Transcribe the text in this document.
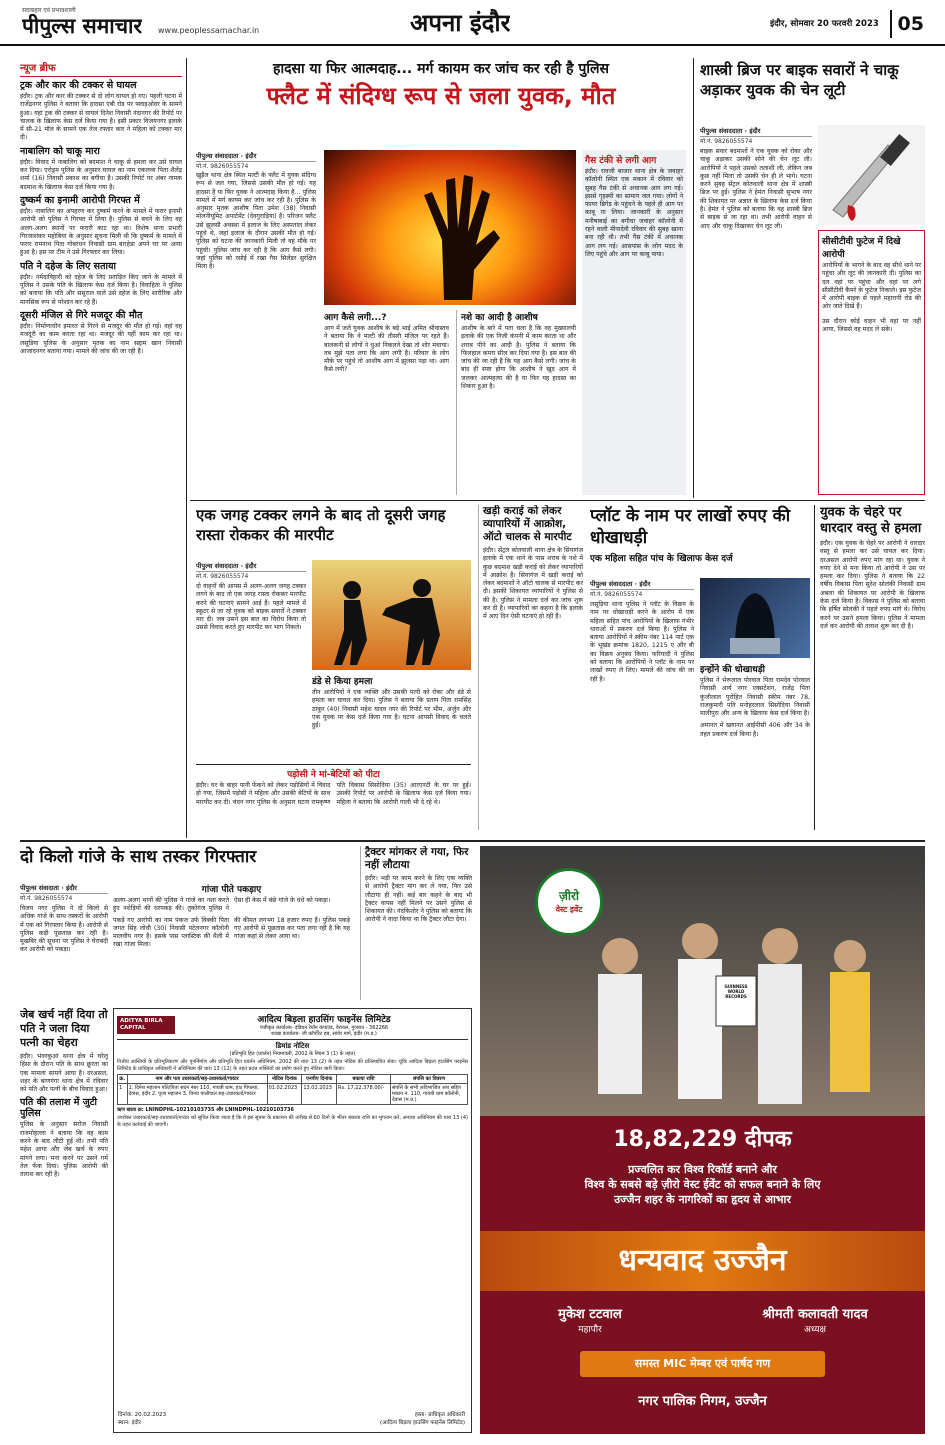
सदाबहार एवं प्रभावशाली
पीपुल्स समाचार www.peoplessamachar.in	अपना इंदौर	इंदौर, सोमवार 20 फरवरी 2023 05
न्यूज ब्रीफ
ट्रक और कार की टक्कर से घायल
इंदौर। ट्रक और कार की टक्कर से दो लोग घायल हो गए। पहली घटना में राजेंद्रनगर पुलिस ने बताया कि हादसा एबी रोड पर फ्लाइओवर के सामने हुआ। यहां ट्रक की टक्कर से घायल दिनेश निवासी नंदानगर की रिपोर्ट पर चालक के खिलाफ केस दर्ज किया गया है। इसी प्रकार विजयनगर इलाके में सी-21 मॉल के सामने एक तेज रफ्तार कार ने महिला को टक्कर मार दी।
नाबालिग को चाकू मारा
इंदौर। विवाद में नाबालिग को बदमाश ने चाकू से हमला कर उसे घायल कर दिया। एरोड्रम पुलिस के अनुसार घायल का नाम एकलव्य पिता शैलेंद्र शर्मा (16) निवासी प्रकाश का बगीचा है। उसकी रिपोर्ट पर अंबर नामक बदमाश के खिलाफ केस दर्ज किया गया है।
दुष्कर्म का इनामी आरोपी गिरफ्त में
इंदौर। नाबालिग का अपहरण कर दुष्कर्म करने के मामले में फरार इनामी आरोपी को पुलिस ने गिरफ्त में लिया है। पुलिस से बचने के लिए वह अलग-अलग स्थानों पर फरारी काट रहा था। विशेष थाना प्रभारी गिरजाशंकर महोबिया के अनुसार सूचना मिली थी कि दुष्कर्म के मामले में फरार रामनाथ पिता गोबरधन निवासी ग्राम बारहेडा अपने घर पर आया हुआ है। इस पर टीम ने उसे गिरफ्तार कर लिया।
पति ने दहेज के लिए सताया
इंदौर। नर्मदाविहारी को दहेज के लिए प्रताड़ित किए जाने के मामले में पुलिस ने उसके पति के खिलाफ केस दर्ज किया है। विवाहिता ने पुलिस को बताया कि पति और ससुराल वाले उसे दहेज के लिए शारीरिक और मानसिक रूप से परेशान कर रहे हैं।
दूसरी मंजिल से गिरे मजदूर की मौत
इंदौर। निर्माणाधीन इमारत से गिरने से मजदूर की मौत हो गई। वहां वह मजदूरी का काम करता रहा था। मजदूर की यहीं काम कर रहा था। लसूडिया पुलिस के अनुसार मृतक का नाम सद्दाम खान निवासी आजादनगर बताया गया। मामले की जांच की जा रही है।
हादसा या फिर आत्मदाह... मर्ग कायम कर जांच कर रही है पुलिस
फ्लैट में संदिग्ध रूप से जला युवक, मौत
पीपुल्स संवाददाता · इंदौर
मो.नं. 9826055574
खुड़ैल थाना क्षेत्र स्थित मल्टी के फ्लैट में युवक संदिग्ध रूप से जल गया, जिससे उसकी मौत हो गई। यह हादसा है या फिर युवक ने आत्मदाह किया है... पुलिस मामले में मर्ग कायम कर जांच कर रही है। पुलिस के अनुसार मृतक आशीष पिता उमेश (38) निवासी मोलनीयूमिट अपार्टमेंट (देवगुराड़िया) है। परिजन फ्लैट उसे झुलसी अवस्था में इलाज के लिए अस्पताल लेकर पहुंचे थे, जहां इलाज के दौरान उसकी मौत हो गई। पुलिस को घटना की जानकारी मिली तो वह मौके पर पहुंची। पुलिस जांच कर रही है कि आग कैसे लगी। जहां पुलिस को रसोई में रखा गैस सिलेंडर सुरक्षित मिला है।
आग कैसे लगी...?
आग में जले युवक आशीष के बड़े भाई अमित श्रीवास्तव ने बताया कि वे मल्टी की तीसरी मंजिल पर रहते हैं। बालकनी से लोगों ने धुआं निकलते देखा तो शोर मचाया। तब मुझे पता लगा कि आग लगी है। परिवार के लोग मौके पर पहुंचे तो आशीष आग में झुलसा पड़ा था। आग कैसे लगी?
नशे का आदी है आशीष
आशीष के बारे में पता चला है कि वह मुख्यालयी इलाके की एक निजी कंपनी में काम करता था और शराब पीने का आदी है। पुलिस ने बताया कि फिलहाल कमरा सील कर दिया गया है। इस बात की जांच की जा रही है कि यह आग कैसे लगी। जांच के बाद ही स्पष्ट होगा कि आशीष ने खुद आग में जलकर आत्महत्या की है या फिर यह हादसा का शिकार हुआ है।
गैस टंकी से लगी आग
इंदौर। रावजी बाजार थाना क्षेत्र के जवाहर कॉलोनी स्थित एक मकान में रविवार को सुबह गैस टंकी से अचानक आग लग गई। इससे गृहस्थी का सामान जल गया। लोगों ने फायर ब्रिगेड के पहुंचने के पहले ही आग पर काबू पा लिया। जानकारी के अनुसार मनीषाबाई का बगीचा जवाहर कॉलोनी में रहने वाली मीनादेवी रविवार की सुबह खाना बना रही थी। तभी गैस टंकी में अचानक आग लग गई। आसपास के लोग मदद के लिए पहुंचे और आग पर काबू पाया।
शास्त्री ब्रिज पर बाइक सवारों ने चाकू अड़ाकर युवक की चेन लूटी
पीपुल्स संवाददाता · इंदौर
मो.नं. 9826055574
बाइक सवार बदमाशों ने एक युवक को रोका और चाकू अड़ाकर उसकी सोने की चेन लूट ली। आरोपियों ने पहले उसको तलाशी ली, लेकिन जब कुछ नहीं मिला तो उसकी चेन ही ले भागे। घटना करने सुबह सेंट्रल कोतवाली थाना क्षेत्र में शास्त्री ब्रिज पर हुई। पुलिस ने हेमंत निवासी सुभाष नगर की शिकायत पर अज्ञात के खिलाफ केस दर्ज किया है। हेमंत ने पुलिस को बताया कि वह शास्त्री ब्रिज से बाइक से जा रहा था। तभी आरोपी वाहन से आए और चाकू दिखाकर चेन लूट ली।
सीसीटीवी फुटेज में दिखे आरोपी
आरोपियों के भागने के बाद वह सीधे थाने पर पहुंचा और लूट की जानकारी दी। पुलिस का दल वहां पर पहुंचा और वहां पर लगे सीसीटीवी कैमरे के फुटेज निकाले। इस फुटेज में आरोपी बाइक से पहले महारानी रोड की ओर जाते दिखे हैं।
उस दौरान कोई वाहन भी वहां पर नहीं आया, जिससे वह मदद ले सके।
एक जगह टक्कर लगने के बाद तो दूसरी जगह रास्ता रोककर की मारपीट
पीपुल्स संवाददाता · इंदौर
मो.नं. 9826055574
दो वाहनों की आपस में अलग-अलग जगह टक्कर लगने के बाद तो एक जगह रास्ता रोककर मारपीट करने की घटनाएं सामने आई हैं। पहले मामले में स्कूटर से जा रहे युवक को बाइक सवारों ने टक्कर मार दी। जब उसने इस बात का विरोध किया तो उससे विवाद करते हुए मारपीट कर भाग निकले।
डंडे से किया हमला
तीन आरोपियों ने एक व्यक्ति और उसकी पत्नी को रोका और डंडे से हमला कर घायल कर दिया। पुलिस ने बताया कि प्रताप पिता रामसिंह ठाकुर (40) निवासी महेश यादव नगर की रिपोर्ट पर भीम, अर्जुन और एक युवक पर केस दर्ज किया गया है। घटना आपसी विवाद के चलते हुई।
पड़ोसी ने मां-बेटियों को पीटा
इंदौर। घर के बाहर पानी फेंकने को लेकर पड़ोसियों में विवाद हो गया, जिसमें पड़ोसी ने महिला और उसकी बेटियों के साथ मारपीट कर दी। चंदन नगर पुलिस के अनुसार घटना रामकृष्ण पति विकास सिसोदिया (35) आरएनटी के घर पर हुई। उसकी रिपोर्ट पर आरोपी के खिलाफ केस दर्ज किया गया। महिला ने बताया कि आरोपी गाली भी दे रहे थे।
खड़ी कराई को लेकर व्यापारियों में आक्रोश, ऑटो चालक से मारपीट
इंदौर। सेंट्रल कोतवाली थाना क्षेत्र के सियागंज इलाके में एक थाने के पास शराब के नशे में कुछ बदमाश खड़ी कराई को लेकर व्यापारियों में आक्रोश है। सियागंज में खड़ी कराई को लेकर बदमाशों ने ऑटो चालक से मारपीट कर दी। इसकी शिकायत व्यापारियों ने पुलिस से की है। पुलिस ने मामला दर्ज कर जांच शुरू कर दी है। व्यापारियों का कहना है कि इलाके में आए दिन ऐसी घटनाएं हो रही हैं।
प्लॉट के नाम पर लाखों रुपए की धोखाधड़ी
एक महिला सहित पांच के खिलाफ केस दर्ज
पीपुल्स संवाददाता · इंदौर
मो.नं. 9826055574
लसूड़िया थाना पुलिस ने प्लॉट के विक्रय के नाम पर धोखाधड़ी करने के आरोप में एक महिला सहित पांच आरोपियों के खिलाफ गंभीर धाराओं में प्रकरण दर्ज किया है। पुलिस ने बताया आरोपियों ने स्कीम नंबर 114 पार्ट एक के भूखंड क्रमांक 1820, 1215 ए और बी का विक्रय अनुबंध किया। फरियादी ने पुलिस को बताया कि आरोपियों ने प्लॉट के नाम पर लाखों रुपए ले लिए। मामले की जांच की जा रही है।
इन्होंने की धोखाधड़ी
पुलिस ने भेरूलाल पोरवाल पिता रामदेव पोरवाल निवासी आर्य नगर एक्सटेंशन, राजेंद्र पिता कुंजीलाल पुरोहित निवासी स्कीम नंबर 78, राजकुमारी पति मनोहरलाल सिसोदिया निवासी मालीपुरा और अन्य के खिलाफ केस दर्ज किया है।
अमानत में खयानत आईपीसी 406 और 34 के तहत प्रकरण दर्ज किया है।
युवक के चेहरे पर धारदार वस्तु से हमला
इंदौर। एक युवक के चेहरे पर आरोपी ने धारदार वस्तु से हमला कर उसे घायल कर दिया। दरअसल आरोपी रुपए मांग रहा था। युवक ने रुपए देने से मना किया तो आरोपी ने उस पर हमला कर दिया। पुलिस ने बताया कि 22 वर्षीय विकास पिता सुरेश सोलंकी निवासी ग्राम अबला की शिकायत पर आरोपी के खिलाफ केस दर्ज किया है। विकास ने पुलिस को बताया कि हर्षित सोलंकी ने पहले रुपए मांगे थे। विरोध करने पर उसने हमला किया। पुलिस ने मामला दर्ज कर आरोपी की तलाश शुरू कर दी है।
दो किलो गांजे के साथ तस्कर गिरफ्तार
पीपुल्स संवादाता · इंदौर
मो.नं. 9826055574
विजय नगर पुलिस ने दो किलो से अधिक गांजे के साथ तस्करों के आरोपी में एक को गिरफ्तार किया है। आरोपी से पुलिस कड़ी पूछताछ कर रही है। मुखबिर की सूचना पर पुलिस ने घेराबंदी कर आरोपी को पकड़ा।
गांजा पीते पकड़ाए
अलग-अलग थानों की पुलिस ने गांजे का नशा करते हुए नशेड़ियों की धरपकड़ की। तुकोगंज पुलिस ने ऐसा ही केस में बंछे गांजे के धंधे को पकड़ा।
पकड़े गए आरोपी का नाम पंकज उर्फ विक्की पिता जगत सिंह लोधी (30) निवासी पटेलनगर कॉलोनी मालवीय नगर है। इसके पास प्लास्टिक की थैली में रखा गांजा मिला।
की कीमत लगभग 18 हजार रुपए है। पुलिस पकड़े गए आरोपी से पूछताछ कर पता लगा रही है कि यह गांजा कहां से लेकर आया था।
ट्रैक्टर मांगकर ले गया, फिर नहीं लौटाया
इंदौर। भड़ी पर काम करने के लिए एक व्यक्ति से आरोपी ट्रैक्टर मांग कर ले गया, फिर उसे लौटाया ही नहीं। कई बार कहने के बाद भी ट्रैक्टर वापस नहीं मिलने पर उसने पुलिस से शिकायत की। नंदकिशोर ने पुलिस को बताया कि आरोपी ने वादा किया था कि ट्रैक्टर लौटा देगा।
जेब खर्च नहीं दिया तो पति ने जला दिया पत्नी का चेहरा
इंदौर। भंवरकुआं थाना क्षेत्र में घरेलू हिंसा के दौरान पति के साथ क्रूरता का एक मामला सामने आया है। दरअसल, शहर के बाणगंगा थाना क्षेत्र में रविवार को पति और पत्नी के बीच विवाद हुआ।
पति की तलाश में जुटी पुलिस
पुलिस के अनुसार सरोज निवासी राजमोहल्ला ने बताया कि वह काम करने के बाद लौटी हुई थी। तभी पति महेश आया और जेब खर्च के रुपए मांगने लगा। मना करने पर उसने गर्म तेल फेंक दिया। पुलिस आरोपी की तलाश कर रही है।
ADITYA BIRLA CAPITAL
आदित्य बिड़ला हाउसिंग फाइनेंस लिमिटेड
पंजीकृत कार्यालय- इंडियन रेयॉन कंपाउंड, वेरावल, गुजरात - 362266
शाखा कार्यालय- जी कॉर्पोरेट हब, सांवेर मार्ग, इंदौर (म.प्र.)
डिमांड नोटिस
(प्रतिभूति हित (प्रवर्तन) नियमावली, 2002 के नियम 3 (1) के तहत)
वित्तीय आस्तियों के प्रतिभूतिकरण और पुनर्निर्माण और प्रतिभूति हित प्रवर्तन अधिनियम, 2002 की धारा 13 (2) के तहत नोटिस की प्रतिस्थापित सेवा। चूंकि आदित्य बिड़ला हाउसिंग फाइनेंस लिमिटेड के प्राधिकृत अधिकारी ने अधिनियम की धारा 13 (12) के तहत प्रदत्त शक्तियों का प्रयोग करते हुए नोटिस जारी किया।
क्र.	नाम और पता उधारकर्ता/सह-उधारकर्ता/गारंटर	नोटिस दिनांक	एनपीए दिनांक	बकाया राशि	संपत्ति का विवरण
1	1. दिनेश महाजन पति/पिता सदन नंबर 110, गायत्री धाम, हाट पिपल्या, देवास, इंदौर 2. पूजा महाजन 3. विनय पालीवाल सह-उधारकर्ता/गारंटर	01.02.2023	13.02.2023	Rs. 17,22,378.00/-	संपत्ति के सभी अविभाजित अंश सहित मकान नं. 110, गायत्री धाम कॉलोनी, देवास (म.प्र.)
ऋण खाता क्र: LNINDPHL-10210103735 और LNINDPHL-10210103736
उपरोक्त उधारकर्ता/सह-उधारकर्ता/गारंटर को सूचित किया जाता है कि वे इस सूचना के प्रकाशन की तारीख से 60 दिनों के भीतर बकाया राशि का भुगतान करें, अन्यथा अधिनियम की धारा 13 (4) के तहत कार्रवाई की जाएगी।
दिनांक: 20.02.2023
स्थान: इंदौर
हस्ता- प्राधिकृत अधिकारी
(आदित्य बिड़ला हाउसिंग फाइनेंस लिमिटेड)
GUINNESS WORLD RECORDS
ज़ीरो
वेस्ट इवेंट
18,82,229 दीपक
प्रज्वलित कर विश्व रिकॉर्ड बनाने और
विश्व के सबसे बड़े ज़ीरो वेस्ट ईवेंट को सफल बनाने के लिए
उज्जैन शहर के नागरिकों का हृदय से आभार
धन्यवाद उज्जैन
मुकेश टटवाल
महापौर
श्रीमती कलावती यादव
अध्यक्ष
समस्त MIC मेम्बर एवं पार्षद गण
नगर पालिक निगम, उज्जैन
